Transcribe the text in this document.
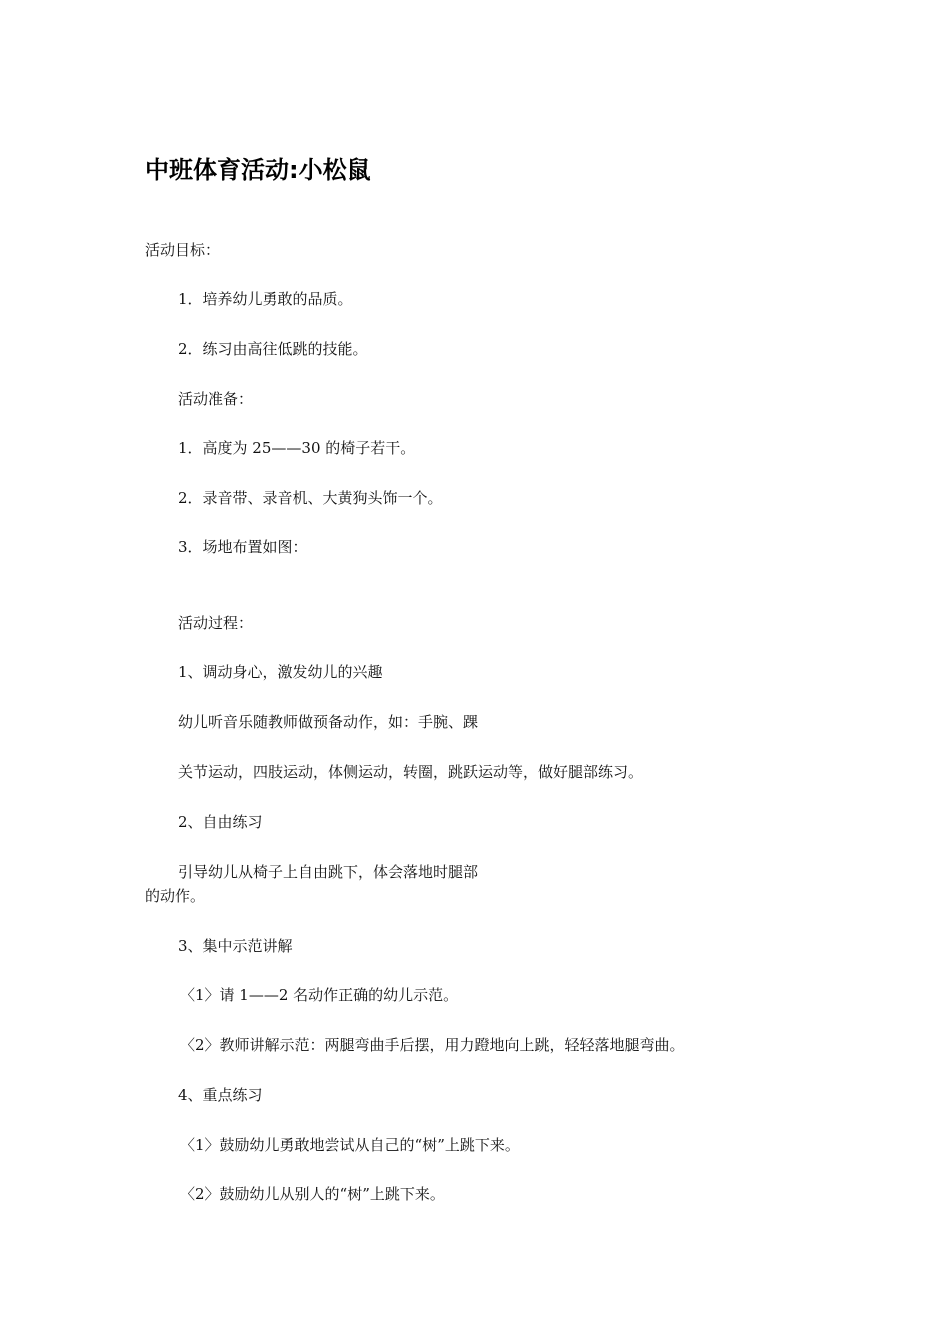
中班体育活动:小松鼠
活动目标：
1．培养幼儿勇敢的品质。
2．练习由高往低跳的技能。
活动准备：
1．高度为 25——30 的椅子若干。
2．录音带、录音机、大黄狗头饰一个。
3．场地布置如图：
活动过程：
1、调动身心，激发幼儿的兴趣
幼儿听音乐随教师做预备动作，如：手腕、踝
关节运动，四肢运动，体侧运动，转圈，跳跃运动等，做好腿部练习。
2、自由练习
引导幼儿从椅子上自由跳下，体会落地时腿部
的动作。
3、集中示范讲解
〈1〉请 1——2 名动作正确的幼儿示范。
〈2〉教师讲解示范：两腿弯曲手后摆，用力蹬地向上跳，轻轻落地腿弯曲。
4、重点练习
〈1〉鼓励幼儿勇敢地尝试从自己的“树”上跳下来。
〈2〉鼓励幼儿从别人的“树”上跳下来。
